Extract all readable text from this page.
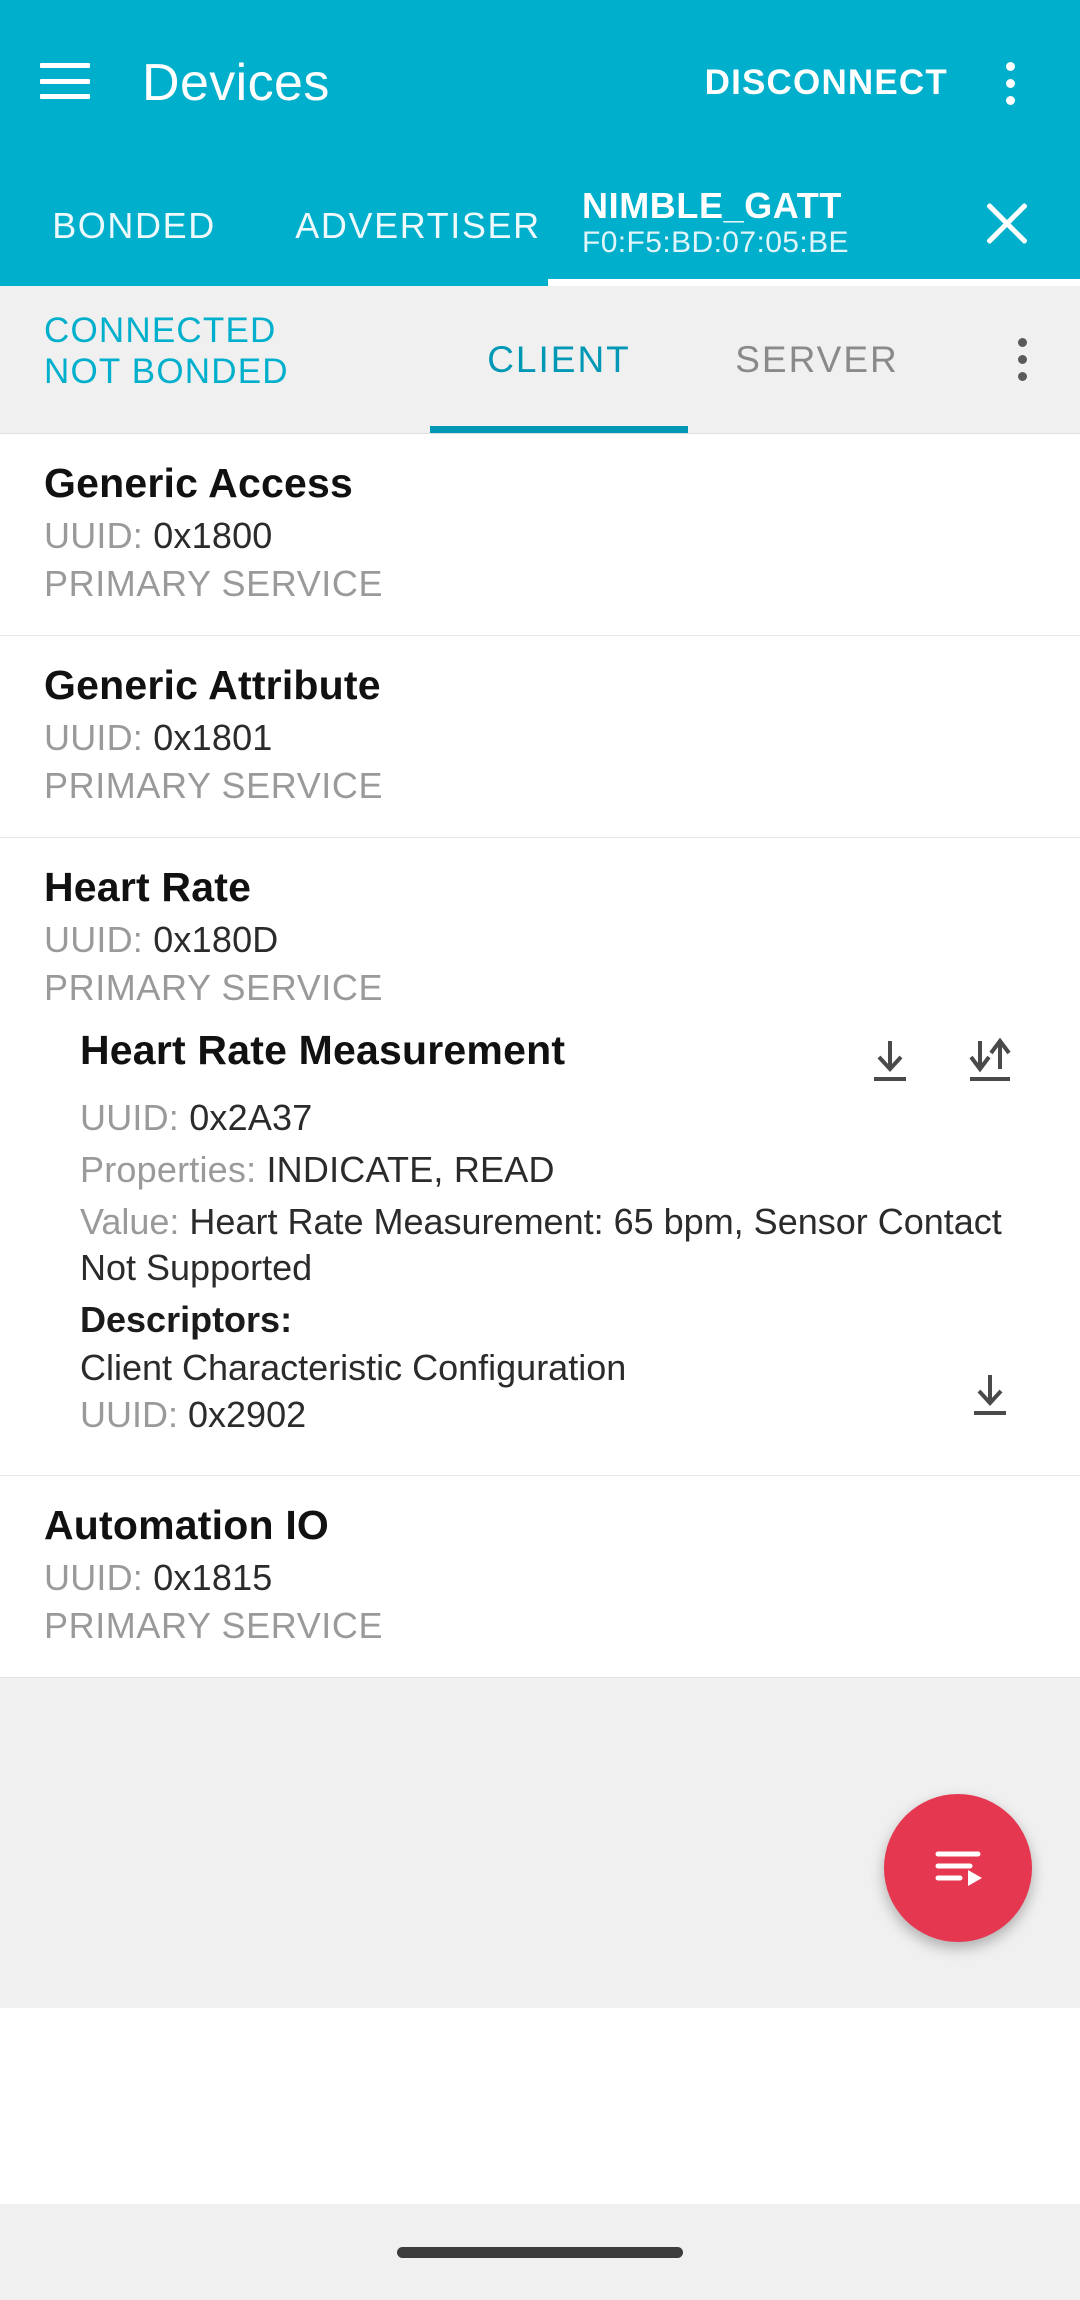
Devices	DISCONNECT
BONDED	ADVERTISER NIMBLE_GATT
F0:F5:BD:07:05:BE
CONNECTED
NOT BONDED	CLIENT	SERVER
Generic Access
UUID: 0x1800
PRIMARY SERVICE
Generic Attribute
UUID: 0x1801
PRIMARY SERVICE
Heart Rate
UUID: 0x180D
PRIMARY SERVICE
Heart Rate Measurement
UUID: 0x2A37
Properties: INDICATE, READ
Value: Heart Rate Measurement: 65 bpm, Sensor Contact Not Supported
Descriptors:
Client Characteristic Configuration
UUID: 0x2902
Automation IO
UUID: 0x1815
PRIMARY SERVICE
